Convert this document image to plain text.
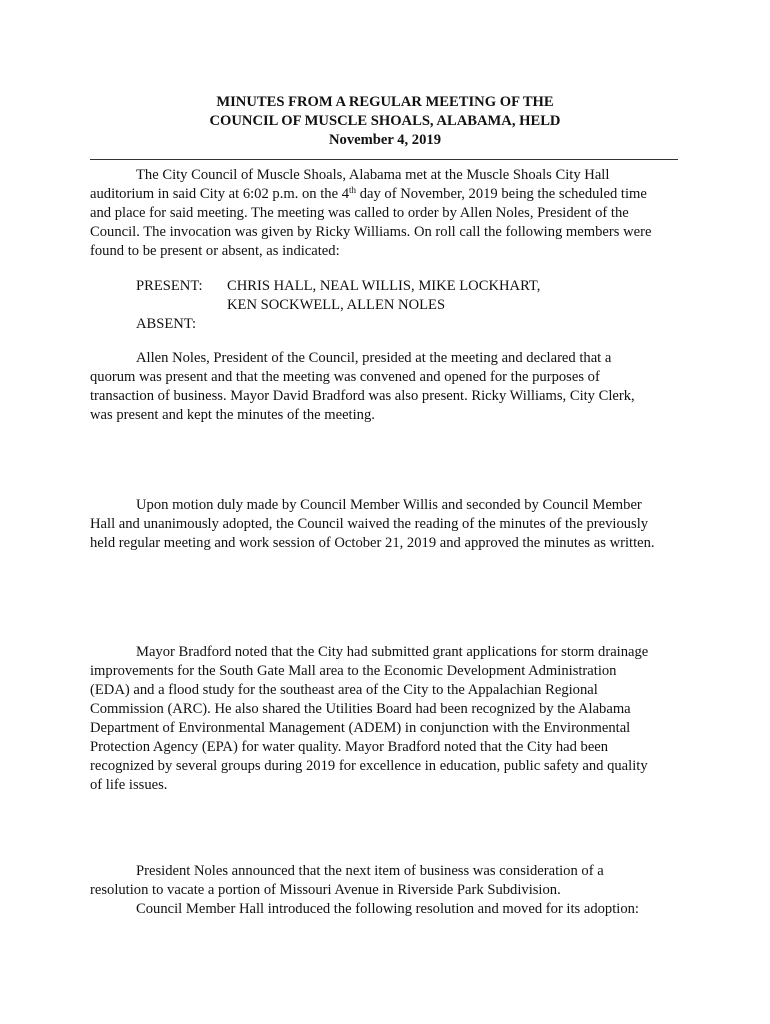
MINUTES FROM A REGULAR MEETING OF THE
COUNCIL OF MUSCLE SHOALS, ALABAMA, HELD
November 4, 2019
The City Council of Muscle Shoals, Alabama met at the Muscle Shoals City Hall
auditorium in said City at 6:02 p.m. on the 4th day of November, 2019 being the scheduled time
and place for said meeting. The meeting was called to order by Allen Noles, President of the
Council. The invocation was given by Ricky Williams. On roll call the following members were
found to be present or absent, as indicated:
PRESENT: CHRIS HALL, NEAL WILLIS, MIKE LOCKHART,
KEN SOCKWELL, ALLEN NOLES
ABSENT:
Allen Noles, President of the Council, presided at the meeting and declared that a
quorum was present and that the meeting was convened and opened for the purposes of
transaction of business. Mayor David Bradford was also present. Ricky Williams, City Clerk,
was present and kept the minutes of the meeting.
Upon motion duly made by Council Member Willis and seconded by Council Member
Hall and unanimously adopted, the Council waived the reading of the minutes of the previously
held regular meeting and work session of October 21, 2019 and approved the minutes as written.
Mayor Bradford noted that the City had submitted grant applications for storm drainage
improvements for the South Gate Mall area to the Economic Development Administration
(EDA) and a flood study for the southeast area of the City to the Appalachian Regional
Commission (ARC). He also shared the Utilities Board had been recognized by the Alabama
Department of Environmental Management (ADEM) in conjunction with the Environmental
Protection Agency (EPA) for water quality. Mayor Bradford noted that the City had been
recognized by several groups during 2019 for excellence in education, public safety and quality
of life issues.
President Noles announced that the next item of business was consideration of a
resolution to vacate a portion of Missouri Avenue in Riverside Park Subdivision.
Council Member Hall introduced the following resolution and moved for its adoption:
